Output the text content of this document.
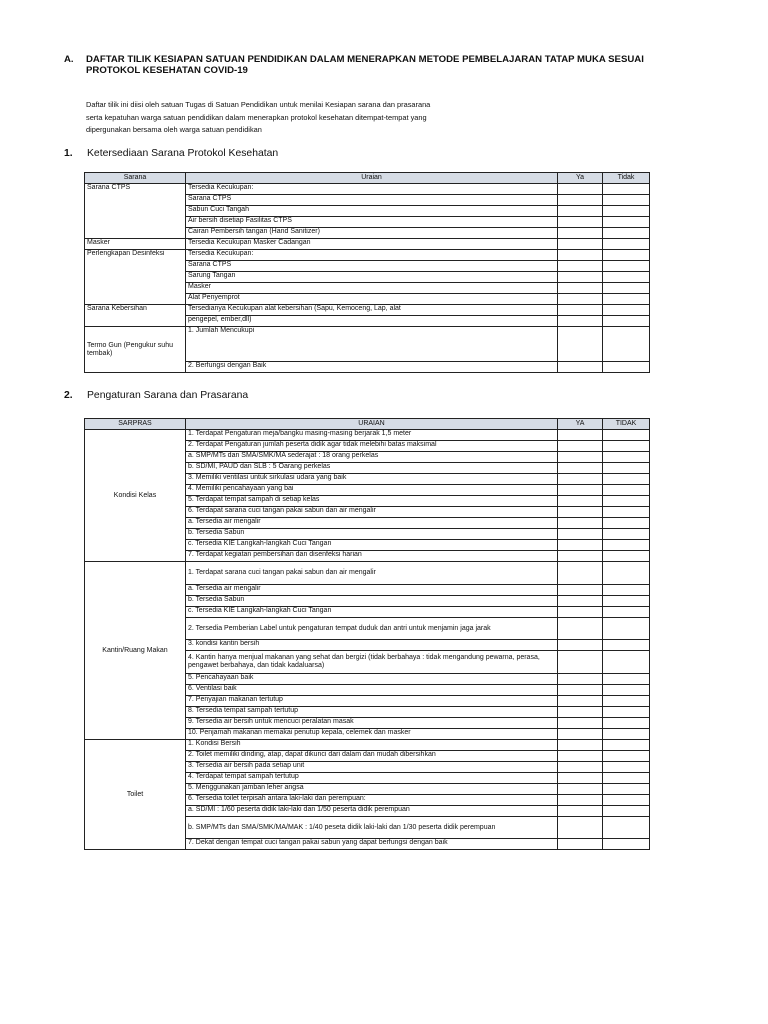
A. DAFTAR TILIK KESIAPAN SATUAN PENDIDIKAN DALAM MENERAPKAN METODE PEMBELAJARAN TATAP MUKA SESUAI PROTOKOL KESEHATAN COVID-19
Daftar tilik ini diisi oleh satuan Tugas di Satuan Pendidikan untuk menilai Kesiapan sarana dan prasarana
serta kepatuhan warga satuan pendidikan dalam menerapkan protokol kesehatan ditempat-tempat yang
dipergunakan bersama oleh warga satuan pendidikan
1. Ketersediaan Sarana Protokol Kesehatan
Sarana	Uraian	Ya	Tidak
Sarana CTPS	Tersedia Kecukupan:		
	Sarana CTPS		
	Sabun Cuci Tangah		
	Air bersih disetiap Fasilitas CTPS		
	Cairan Pembersih tangan (Hand Sanitizer)		
Masker	Tersedia Kecukupan Masker Cadangan		
Perlengkapan Desinfeksi	Tersedia Kecukupan:		
	Sarana CTPS		
	Sarung Tangan		
	Masker		
	Alat Penyemprot		
Sarana Kebersihan	Tersedianya Kecukupan alat kebersihan (Sapu, Kemoceng, Lap, alat		
	pengepel, ember,dll)		
Termo Gun (Pengukur suhu tembak)	1. Jumlah Mencukupi		
	2. Berfungsi dengan Baik		
2. Pengaturan Sarana dan Prasarana
SARPRAS	URAIAN	YA	TIDAK
Kondisi Kelas	1. Terdapat Pengaturan meja/bangku masing-masing berjarak 1,5 meter		
	2. Terdapat Pengaturan jumlah peserta didik agar tidak melebihi batas maksimal		
	a. SMP/MTs dan SMA/SMK/MA sederajat : 18 orang perkelas		
	b. SD/MI, PAUD dan SLB : 5 Oarang perkelas		
	3. Memiliki ventilasi untuk sirkulasi udara yang baik		
	4. Memiliki pencahayaan yang bai		
	5. Terdapat tempat sampah di setiap kelas		
	6. Terdapat sarana cuci tangan pakai sabun dan air mengalir		
	a. Tersedia air mengalir		
	b. Tersedia Sabun		
	c. Tersedia KIE Langkah-langkah Cuci Tangan		
	7. Terdapat kegiatan pembersihan dan disenfeksi harian		
Kantin/Ruang Makan	1. Terdapat sarana cuci tangan pakai sabun dan air mengalir		
	a. Tersedia air mengalir		
	b. Tersedia Sabun		
	c. Tersedia KIE Langkah-langkah Cuci Tangan		
	2. Tersedia Pemberian Label untuk pengaturan tempat duduk dan antri untuk menjamin jaga jarak		
	3. kondisi kantin bersih		
	4. Kantin hanya menjual makanan yang sehat dan bergizi (tidak berbahaya : tidak mengandung pewarna, perasa, pengawet berbahaya, dan tidak kadaluarsa)		
	5. Pencahayaan baik		
	6. Ventilasi baik		
	7. Penyajian makanan tertutup		
	8. Tersedia tempat sampah tertutup		
	9. Tersedia air bersih untuk mencuci peralatan masak		
	10. Penjamah makanan memakai penutup kepala, celemek dan masker		
Toilet	1. Kondisi Bersih		
	2. Toilet memiliki dinding, atap, dapat dikunci dari dalam dan mudah dibersihkan		
	3. Tersedia air bersih pada setiap unit		
	4. Terdapat tempat sampah tertutup		
	5. Menggunakan jamban leher angsa		
	6. Tersedia toilet terpisah antara laki-laki dan perempuan:		
	a. SD/MI : 1/60 peserta didik laki-laki dan 1/50 peserta didik perempuan		
	b. SMP/MTs dan SMA/SMK/MA/MAK : 1/40 peseta didik laki-laki dan 1/30 peserta didik perempuan		
	7. Dekat dengan tempat cuci tangan pakai sabun yang dapat berfungsi dengan baik		
